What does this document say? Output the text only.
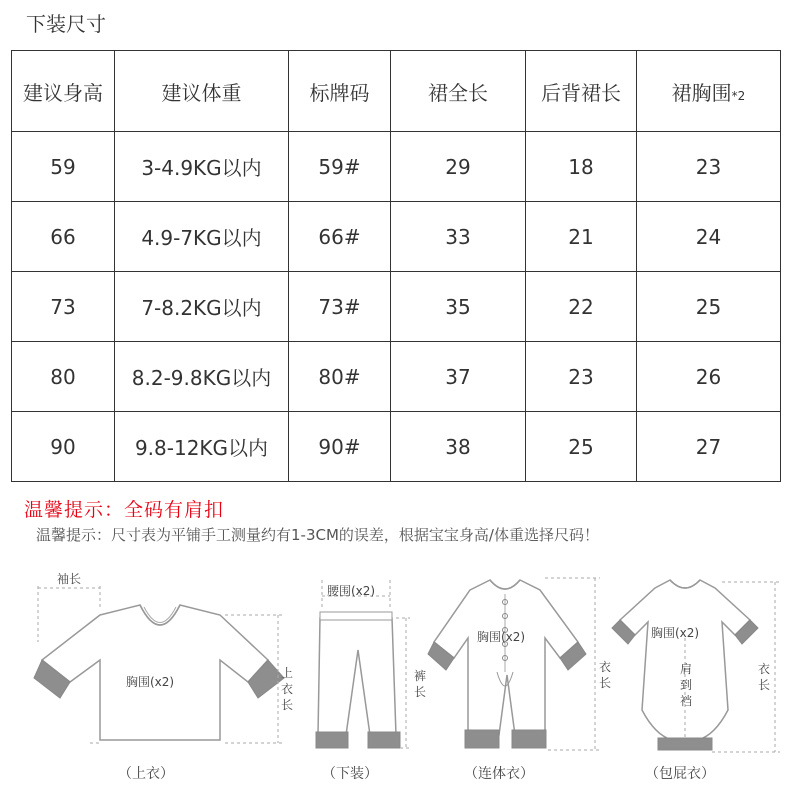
下装尺寸
建议身高	建议体重	标牌码	裙全长	后背裙长	裙胸围*2
59	3-4.9KG以内	59#	29	18	23
66	4.9-7KG以内	66#	33	21	24
73	7-8.2KG以内	73#	35	22	25
80	8.2-9.8KG以内	80#	37	23	26
90	9.8-12KG以内	90#	38	25	27
温馨提示：全码有肩扣
温馨提示：尺寸表为平铺手工测量约有1-3CM的误差，根据宝宝身高/体重选择尺码！
袖长
胸围(x2)
上衣长
腰围(x2)
裤长
胸围(x2)
衣长
胸围(x2)
肩到裆
衣长
（上衣）	（下装）	（连体衣）	（包屁衣）
